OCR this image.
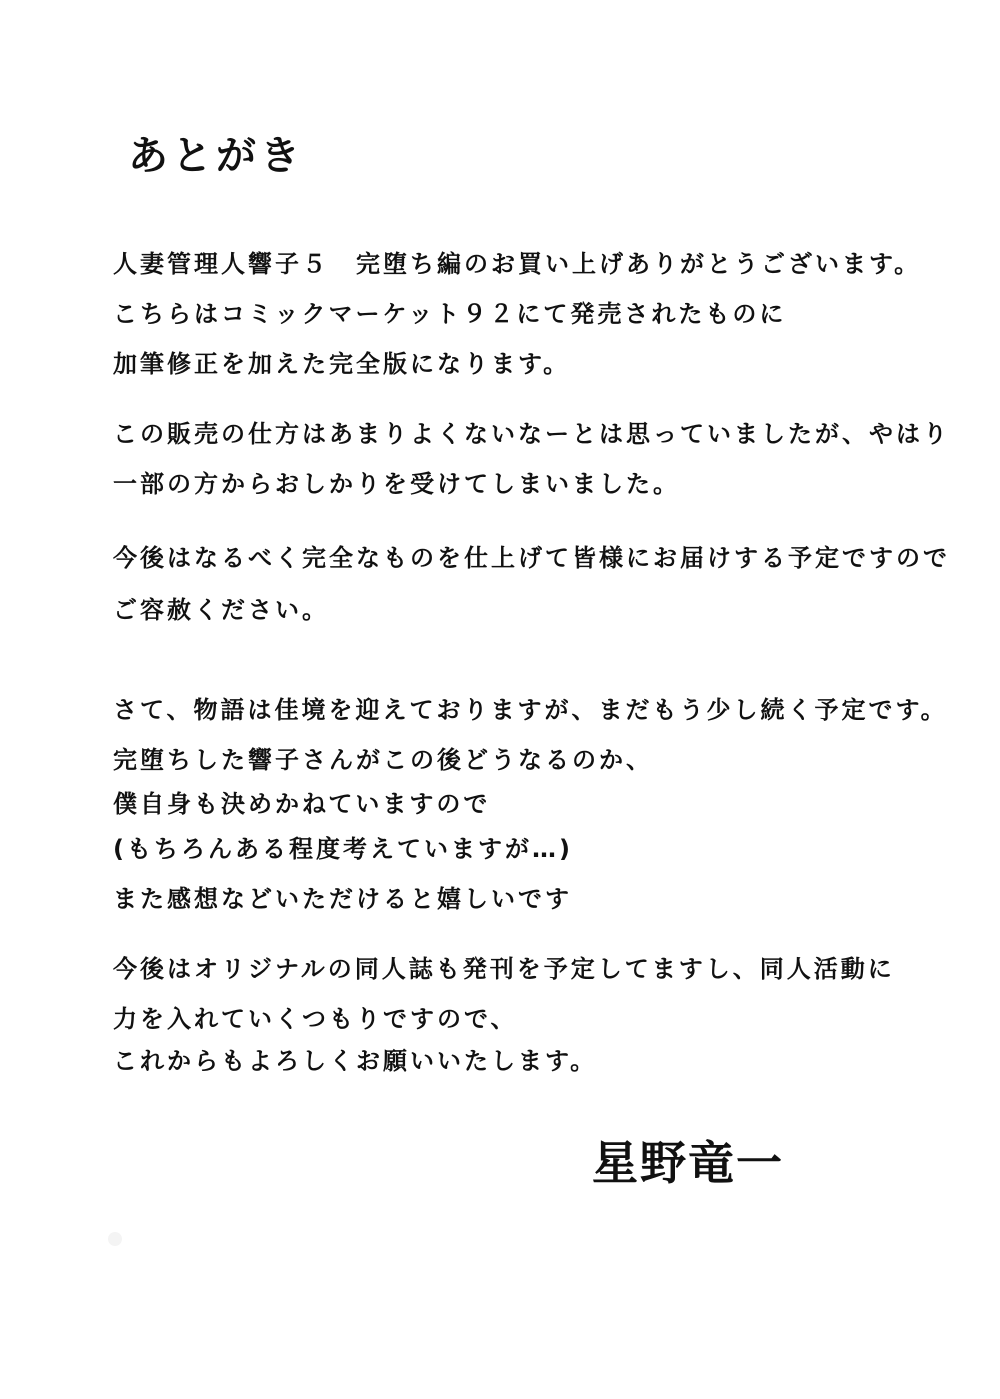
あとがき

人妻管理人響子５　完堕ち編のお買い上げありがとうございます。

こちらはコミックマーケット９２にて発売されたものに

加筆修正を加えた完全版になります。

この販売の仕方はあまりよくないなーとは思っていましたが、やはり

一部の方からおしかりを受けてしまいました。

今後はなるべく完全なものを仕上げて皆様にお届けする予定ですので

ご容赦ください。

さて、物語は佳境を迎えておりますが、まだもう少し続く予定です。

完堕ちした響子さんがこの後どうなるのか、

僕自身も決めかねていますので

(もちろんある程度考えていますが…)

また感想などいただけると嬉しいです

今後はオリジナルの同人誌も発刊を予定してますし、同人活動に

力を入れていくつもりですので、

これからもよろしくお願いいたします。

星野竜一
